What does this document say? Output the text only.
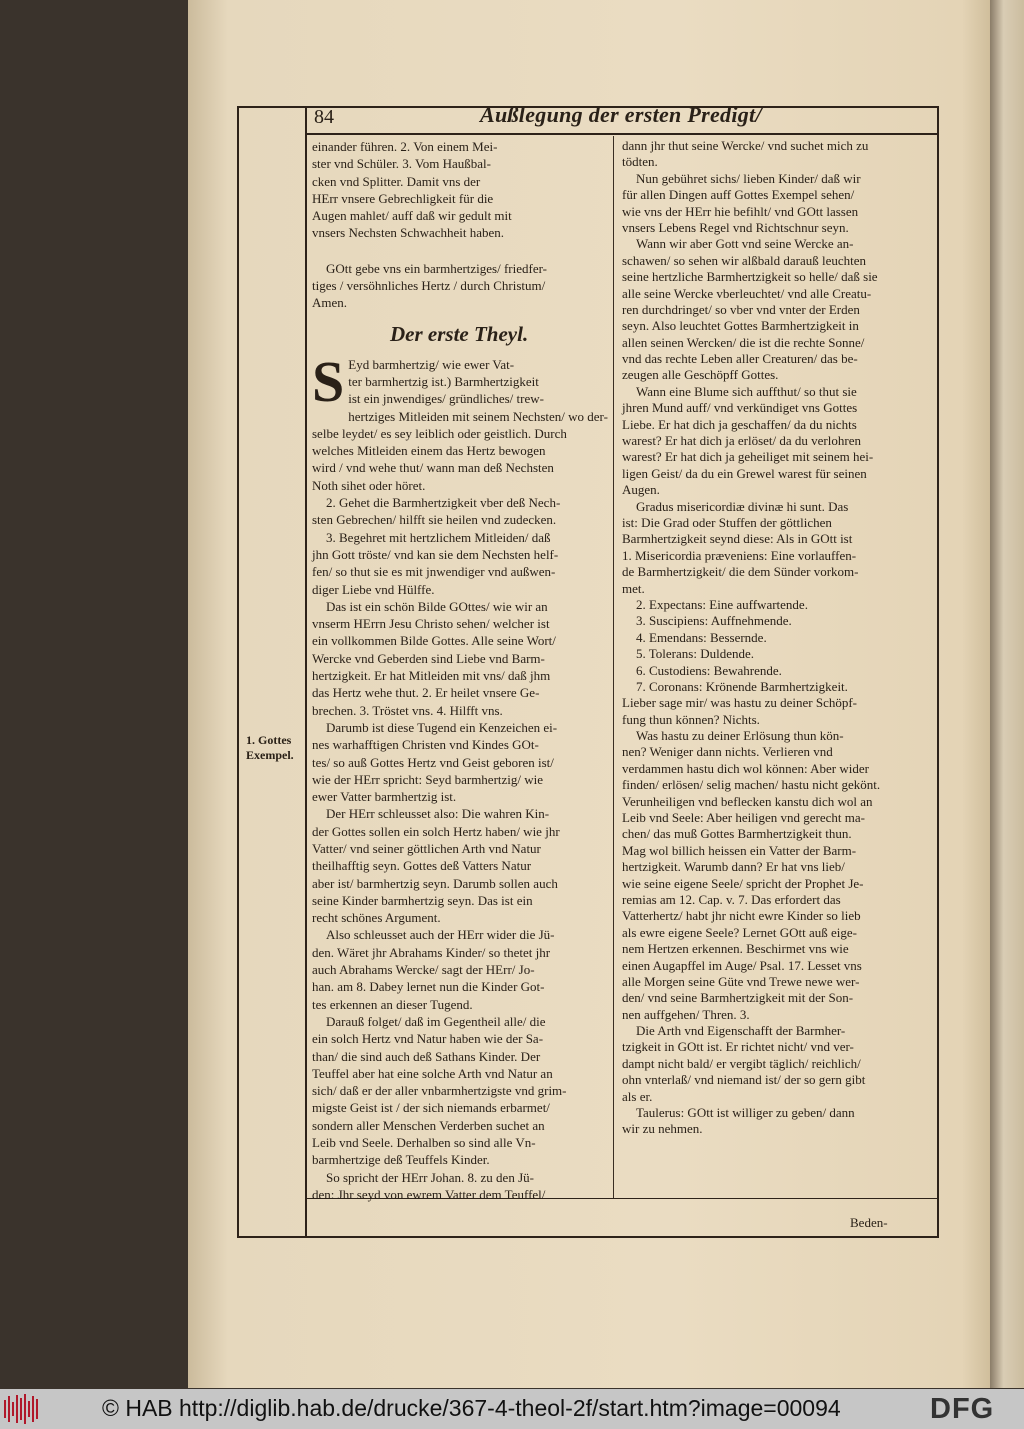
84	Außlegung der ersten Predigt/
1. Gottes
Exempel.
einander führen. 2. Von einem Mei-
ster vnd Schüler. 3. Vom Haußbal-
cken vnd Splitter. Damit vns der
HErr vnsere Gebrechligkeit für die
Augen mahlet/ auff daß wir gedult mit
vnsers Nechsten Schwachheit haben.
GOtt gebe vns ein barmhertziges/ friedfer-
tiges / versöhnliches Hertz / durch Christum/
Amen.
Der erste Theyl.
S Eyd barmhertzig/ wie ewer Vat-
ter barmhertzig ist.) Barmhertzigkeit
ist ein jnwendiges/ gründliches/ trew-
hertziges Mitleiden mit seinem Nechsten/ wo der-
selbe leydet/ es sey leiblich oder geistlich. Durch
welches Mitleiden einem das Hertz bewogen
wird / vnd wehe thut/ wann man deß Nechsten
Noth sihet oder höret.
2. Gehet die Barmhertzigkeit vber deß Nech-
sten Gebrechen/ hilfft sie heilen vnd zudecken.
3. Begehret mit hertzlichem Mitleiden/ daß
jhn Gott tröste/ vnd kan sie dem Nechsten helf-
fen/ so thut sie es mit jnwendiger vnd außwen-
diger Liebe vnd Hülffe.
Das ist ein schön Bilde GOttes/ wie wir an
vnserm HErrn Jesu Christo sehen/ welcher ist
ein vollkommen Bilde Gottes. Alle seine Wort/
Wercke vnd Geberden sind Liebe vnd Barm-
hertzigkeit. Er hat Mitleiden mit vns/ daß jhm
das Hertz wehe thut. 2. Er heilet vnsere Ge-
brechen. 3. Tröstet vns. 4. Hilfft vns.
Darumb ist diese Tugend ein Kenzeichen ei-
nes warhafftigen Christen vnd Kindes GOt-
tes/ so auß Gottes Hertz vnd Geist geboren ist/
wie der HErr spricht: Seyd barmhertzig/ wie
ewer Vatter barmhertzig ist.
Der HErr schleusset also: Die wahren Kin-
der Gottes sollen ein solch Hertz haben/ wie jhr
Vatter/ vnd seiner göttlichen Arth vnd Natur
theilhafftig seyn. Gottes deß Vatters Natur
aber ist/ barmhertzig seyn. Darumb sollen auch
seine Kinder barmhertzig seyn. Das ist ein
recht schönes Argument.
Also schleusset auch der HErr wider die Jü-
den. Wäret jhr Abrahams Kinder/ so thetet jhr
auch Abrahams Wercke/ sagt der HErr/ Jo-
han. am 8. Dabey lernet nun die Kinder Got-
tes erkennen an dieser Tugend.
Darauß folget/ daß im Gegentheil alle/ die
ein solch Hertz vnd Natur haben wie der Sa-
than/ die sind auch deß Sathans Kinder. Der
Teuffel aber hat eine solche Arth vnd Natur an
sich/ daß er der aller vnbarmhertzigste vnd grim-
migste Geist ist / der sich niemands erbarmet/
sondern aller Menschen Verderben suchet an
Leib vnd Seele. Derhalben so sind alle Vn-
barmhertzige deß Teuffels Kinder.
So spricht der HErr Johan. 8. zu den Jü-
den: Jhr seyd von ewrem Vatter dem Teuffel/
dann jhr thut seine Wercke/ vnd suchet mich zu
tödten.
Nun gebühret sichs/ lieben Kinder/ daß wir
für allen Dingen auff Gottes Exempel sehen/
wie vns der HErr hie befihlt/ vnd GOtt lassen
vnsers Lebens Regel vnd Richtschnur seyn.
Wann wir aber Gott vnd seine Wercke an-
schawen/ so sehen wir alßbald darauß leuchten
seine hertzliche Barmhertzigkeit so helle/ daß sie
alle seine Wercke vberleuchtet/ vnd alle Creatu-
ren durchdringet/ so vber vnd vnter der Erden
seyn. Also leuchtet Gottes Barmhertzigkeit in
allen seinen Wercken/ die ist die rechte Sonne/
vnd das rechte Leben aller Creaturen/ das be-
zeugen alle Geschöpff Gottes.
Wann eine Blume sich auffthut/ so thut sie
jhren Mund auff/ vnd verkündiget vns Gottes
Liebe. Er hat dich ja geschaffen/ da du nichts
warest? Er hat dich ja erlöset/ da du verlohren
warest? Er hat dich ja geheiliget mit seinem hei-
ligen Geist/ da du ein Grewel warest für seinen
Augen.
Gradus misericordiæ divinæ hi sunt. Das
ist: Die Grad oder Stuffen der göttlichen
Barmhertzigkeit seynd diese: Als in GOtt ist
1. Misericordia præveniens: Eine vorlauffen-
de Barmhertzigkeit/ die dem Sünder vorkom-
met.
2. Expectans: Eine auffwartende.
3. Suscipiens: Auffnehmende.
4. Emendans: Bessernde.
5. Tolerans: Duldende.
6. Custodiens: Bewahrende.
7. Coronans: Krönende Barmhertzigkeit.
Lieber sage mir/ was hastu zu deiner Schöpf-
fung thun können? Nichts.
Was hastu zu deiner Erlösung thun kön-
nen? Weniger dann nichts. Verlieren vnd
verdammen hastu dich wol können: Aber wider
finden/ erlösen/ selig machen/ hastu nicht gekönt.
Verunheiligen vnd beflecken kanstu dich wol an
Leib vnd Seele: Aber heiligen vnd gerecht ma-
chen/ das muß Gottes Barmhertzigkeit thun.
Mag wol billich heissen ein Vatter der Barm-
hertzigkeit. Warumb dann? Er hat vns lieb/
wie seine eigene Seele/ spricht der Prophet Je-
remias am 12. Cap. v. 7. Das erfordert das
Vatterhertz/ habt jhr nicht ewre Kinder so lieb
als ewre eigene Seele? Lernet GOtt auß eige-
nem Hertzen erkennen. Beschirmet vns wie
einen Augapffel im Auge/ Psal. 17. Lesset vns
alle Morgen seine Güte vnd Trewe newe wer-
den/ vnd seine Barmhertzigkeit mit der Son-
nen auffgehen/ Thren. 3.
Die Arth vnd Eigenschafft der Barmher-
tzigkeit in GOtt ist. Er richtet nicht/ vnd ver-
dampt nicht bald/ er vergibt täglich/ reichlich/
ohn vnterlaß/ vnd niemand ist/ der so gern gibt
als er.
Taulerus: GOtt ist williger zu geben/ dann
wir zu nehmen.
Beden-
© HAB http://diglib.hab.de/drucke/367-4-theol-2f/start.htm?image=00094	DFG
